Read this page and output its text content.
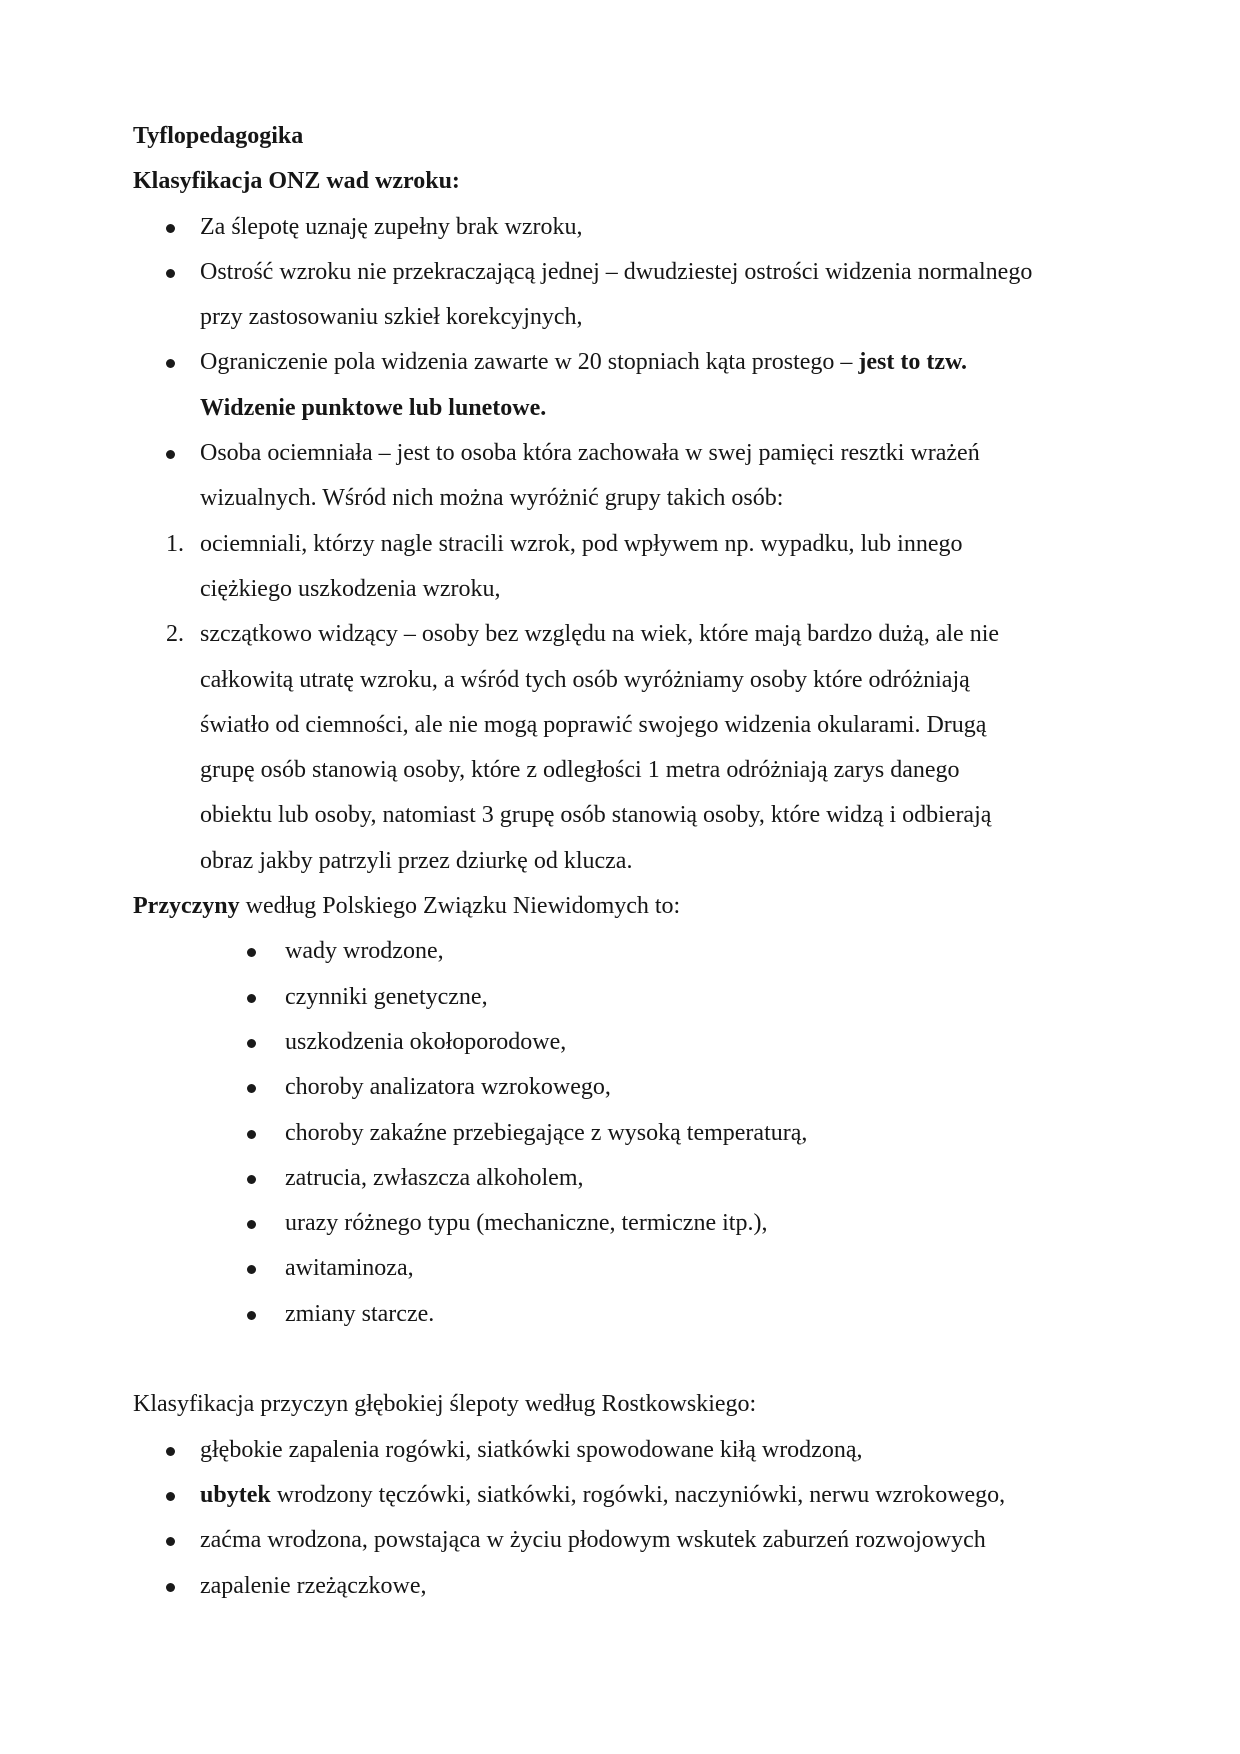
Tyflopedagogika
Klasyfikacja ONZ wad wzroku:
Za ślepotę uznaję zupełny brak wzroku,
Ostrość wzroku nie przekraczającą jednej – dwudziestej ostrości widzenia normalnego
przy zastosowaniu szkieł korekcyjnych,
Ograniczenie pola widzenia zawarte w 20 stopniach kąta prostego – jest to tzw.
Widzenie punktowe lub lunetowe.
Osoba ociemniała – jest to osoba która zachowała w swej pamięci resztki wrażeń
wizualnych. Wśród nich można wyróżnić grupy takich osób:
1. ociemniali, którzy nagle stracili wzrok, pod wpływem np. wypadku, lub innego
ciężkiego uszkodzenia wzroku,
2. szczątkowo widzący – osoby bez względu na wiek, które mają bardzo dużą, ale nie
całkowitą utratę wzroku, a wśród tych osób wyróżniamy osoby które odróżniają
światło od ciemności, ale nie mogą poprawić swojego widzenia okularami. Drugą
grupę osób stanowią osoby, które z odległości 1 metra odróżniają zarys danego
obiektu lub osoby, natomiast 3 grupę osób stanowią osoby, które widzą i odbierają
obraz jakby patrzyli przez dziurkę od klucza.
Przyczyny według Polskiego Związku Niewidomych to:
wady wrodzone,
czynniki genetyczne,
uszkodzenia okołoporodowe,
choroby analizatora wzrokowego,
choroby zakaźne przebiegające z wysoką temperaturą,
zatrucia, zwłaszcza alkoholem,
urazy różnego typu (mechaniczne, termiczne itp.),
awitaminoza,
zmiany starcze.
Klasyfikacja przyczyn głębokiej ślepoty według Rostkowskiego:
głębokie zapalenia rogówki, siatkówki spowodowane kiłą wrodzoną,
ubytek wrodzony tęczówki, siatkówki, rogówki, naczyniówki, nerwu wzrokowego,
zaćma wrodzona, powstająca w życiu płodowym wskutek zaburzeń rozwojowych
zapalenie rzeżączkowe,
